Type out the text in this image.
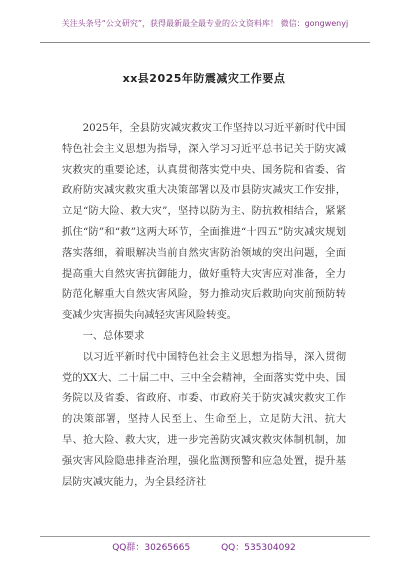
关注头条号“公文研究”，获得最新最全最专业的公文资料库！ 微信：gongwenyj
xx县2025年防震减灾工作要点

2025年，全县防灾减灾救灾工作坚持以习近平新时代中国特色社会主义思想为指导，深入学习习近平总书记关于防灾减灾救灾的重要论述，认真贯彻落实党中央、国务院和省委、省政府防灾减灾救灾重大决策部署以及市县防灾减灾工作安排，立足“防大险、救大灾”，坚持以防为主、防抗救相结合，紧紧抓住“防”和“救”这两大环节，全面推进“十四五”防灾减灾规划落实落细，着眼解决当前自然灾害防治领域的突出问题，全面提高重大自然灾害抗御能力，做好重特大灾害应对准备，全力防范化解重大自然灾害风险，努力推动灾后救助向灾前预防转变减少灾害损失向减轻灾害风险转变。

一、总体要求

以习近平新时代中国特色社会主义思想为指导，深入贯彻党的XX大、二十届二中、三中全会精神，全面落实党中央、国务院以及省委、省政府、市委、市政府关于防灾减灾救灾工作的决策部署，坚持人民至上、生命至上，立足防大汛、抗大旱、抢大险、救大灾，进一步完善防灾减灾救灾体制机制，加强灾害风险隐患排查治理，强化监测预警和应急处置，提升基层防灾减灾能力，为全县经济社

QQ群：30265665	QQ：535304092
